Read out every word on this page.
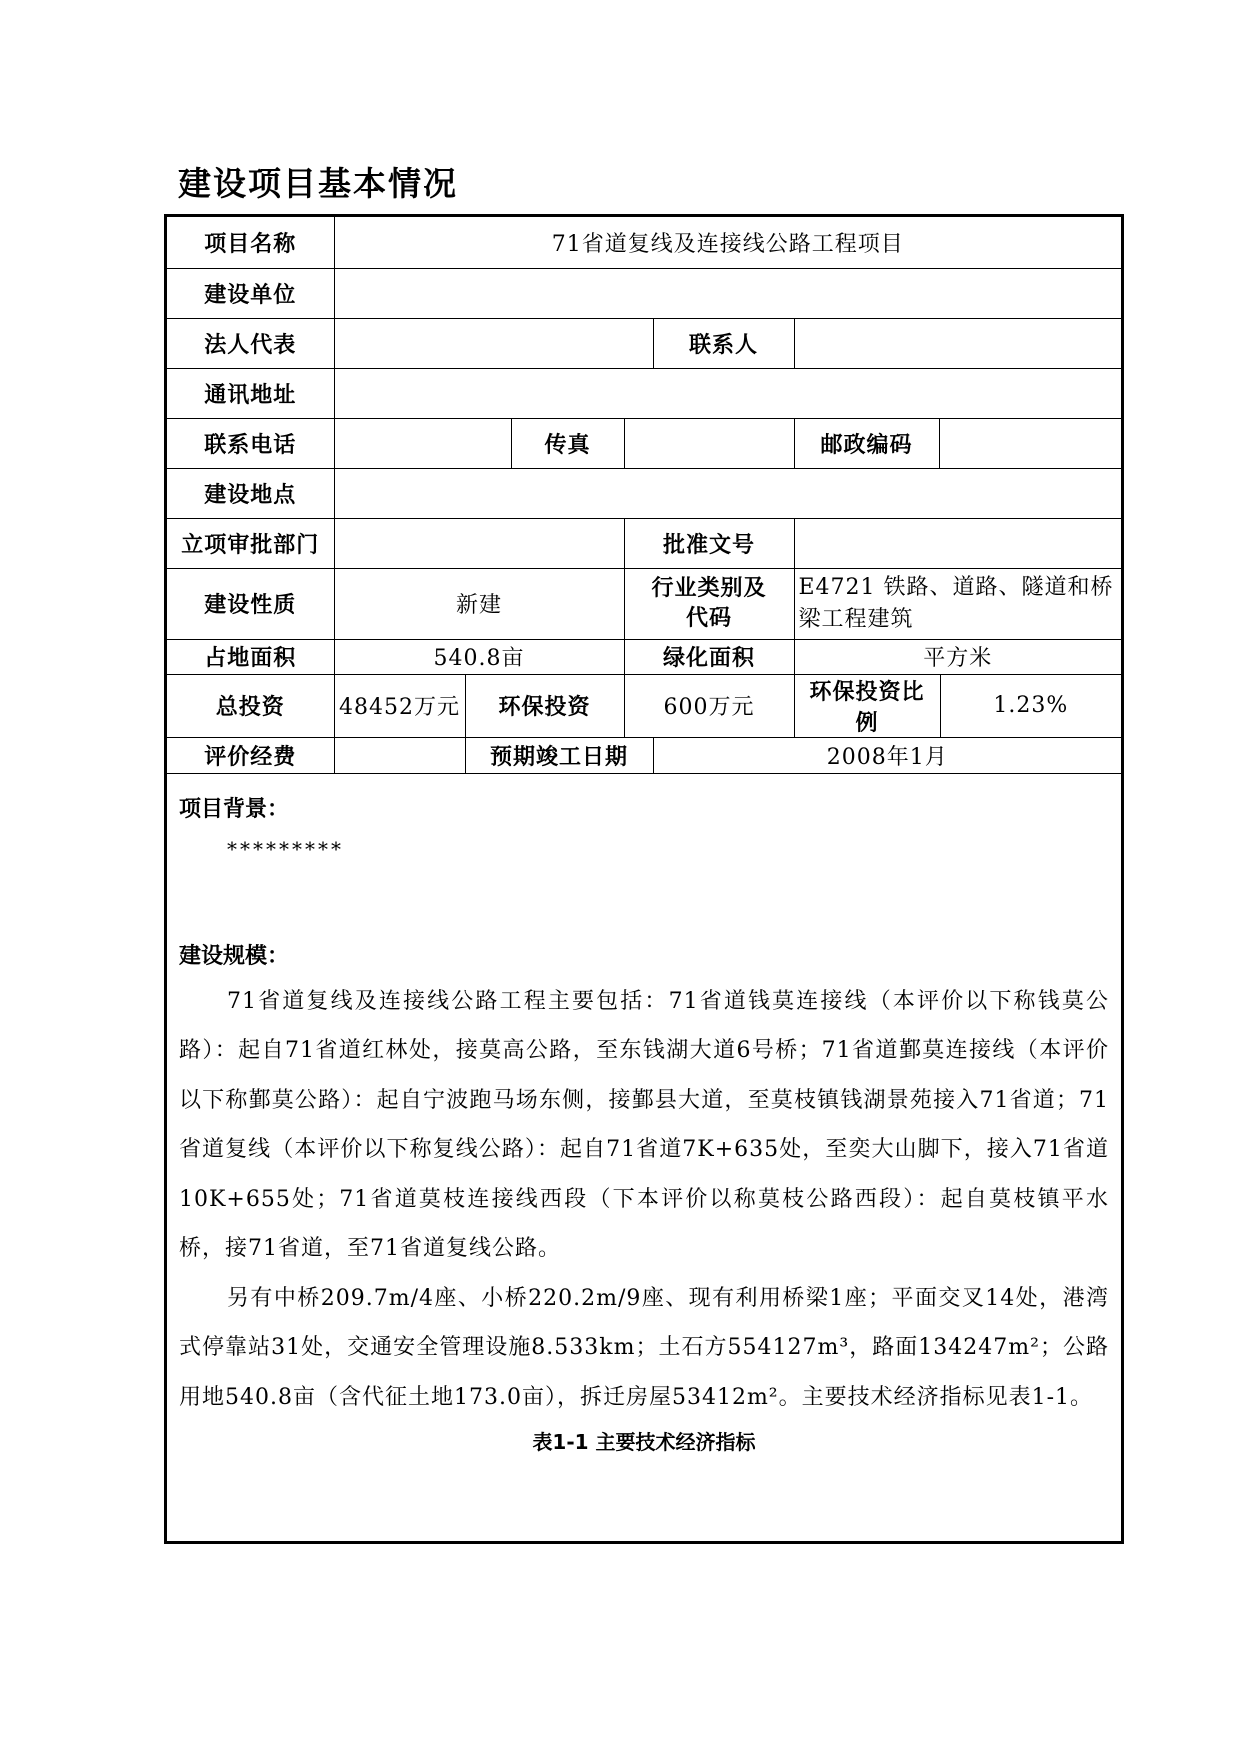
建设项目基本情况
项目名称	71省道复线及连接线公路工程项目						
建设单位							
法人代表					联系人		
通讯地址							
联系电话			传真			邮政编码	
建设地点							
立项审批部门				批准文号			
建设性质	新建			行业类别及代码		E4721 铁路、道路、隧道和桥梁工程建筑	
占地面积	540.8亩			绿化面积		平方米	
总投资	48452万元	环保投资		600万元		环保投资比例	1.23%
评价经费		预期竣工日期			2008年1月		
项目背景：
*********
建设规模：

71省道复线及连接线公路工程主要包括：71省道钱莫连接线（本评价以下称钱莫公路）：起自71省道红林处，接莫高公路，至东钱湖大道6号桥；71省道鄞莫连接线（本评价以下称鄞莫公路）：起自宁波跑马场东侧，接鄞县大道，至莫枝镇钱湖景苑接入71省道；71省道复线（本评价以下称复线公路）：起自71省道7K+635处，至奕大山脚下，接入71省道10K+655处；71省道莫枝连接线西段（下本评价以称莫枝公路西段）：起自莫枝镇平水桥，接71省道，至71省道复线公路。

另有中桥209.7m/4座、小桥220.2m/9座、现有利用桥梁1座；平面交叉14处，港湾式停靠站31处，交通安全管理设施8.533km；土石方554127m³，路面134247m²；公路用地540.8亩（含代征土地173.0亩），拆迁房屋53412m²。主要技术经济指标见表1-1。

表1-1 主要技术经济指标
